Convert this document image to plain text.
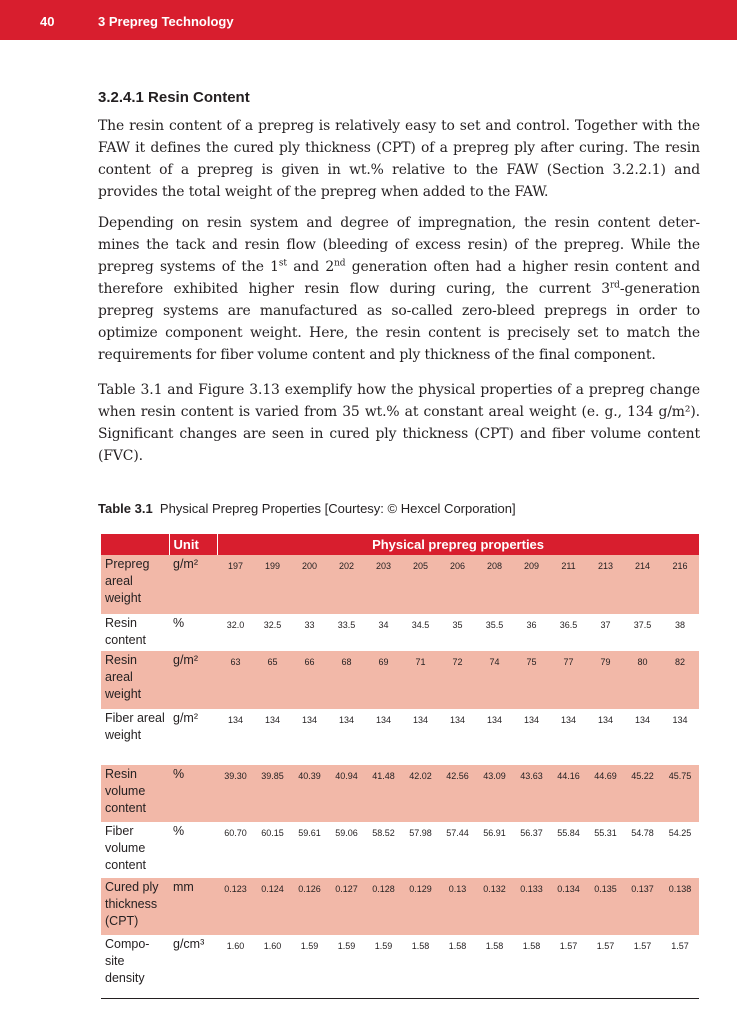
40	3 Prepreg Technology
3.2.4.1 Resin Content

The resin content of a prepreg is relatively easy to set and control. Together with the FAW it defines the cured ply thickness (CPT) of a prepreg ply after curing. The resin content of a prepreg is given in wt.% relative to the FAW (Section 3.2.2.1) and provides the total weight of the prepreg when added to the FAW.

Depending on resin system and degree of impregnation, the resin content deter-mines the tack and resin flow (bleeding of excess resin) of the prepreg. While the prepreg systems of the 1st and 2nd generation often had a higher resin content and therefore exhibited higher resin flow during curing, the current 3rd-generation prepreg systems are manufactured as so-called zero-bleed prepregs in order to optimize component weight. Here, the resin content is precisely set to match the requirements for fiber volume content and ply thickness of the final component.

Table 3.1 and Figure 3.13 exemplify how the physical properties of a prepreg change when resin content is varied from 35 wt.% at constant areal weight (e. g., 134 g/m²). Significant changes are seen in cured ply thickness (CPT) and fiber volume content (FVC).

Table 3.1 Physical Prepreg Properties [Courtesy: © Hexcel Corporation]
	Unit	Physical prepreg properties												
Prepreg areal weight	g/m²	197	199	200	202	203	205	206	208	209	211	213	214	216
Resin content	%	32.0	32.5	33	33.5	34	34.5	35	35.5	36	36.5	37	37.5	38
Resin areal weight	g/m²	63	65	66	68	69	71	72	74	75	77	79	80	82
Fiber areal weight	g/m²	134	134	134	134	134	134	134	134	134	134	134	134	134
Resin volume content	%	39.30	39.85	40.39	40.94	41.48	42.02	42.56	43.09	43.63	44.16	44.69	45.22	45.75
Fiber volume content	%	60.70	60.15	59.61	59.06	58.52	57.98	57.44	56.91	56.37	55.84	55.31	54.78	54.25
Cured ply thickness (CPT)	mm	0.123	0.124	0.126	0.127	0.128	0.129	0.13	0.132	0.133	0.134	0.135	0.137	0.138
Compo-site density	g/cm³	1.60	1.60	1.59	1.59	1.59	1.58	1.58	1.58	1.58	1.57	1.57	1.57	1.57
